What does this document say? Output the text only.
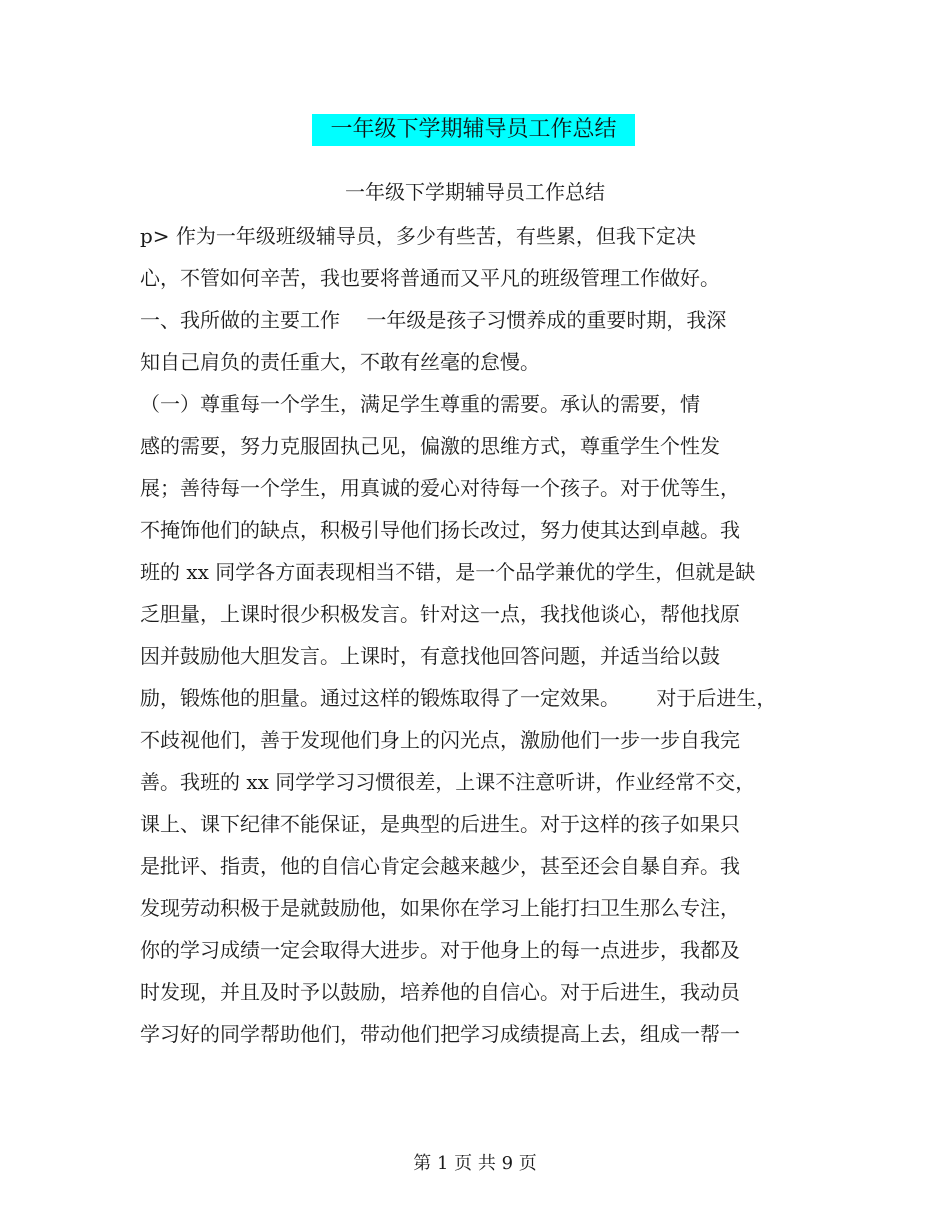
一年级下学期辅导员工作总结
一年级下学期辅导员工作总结
p> 作为一年级班级辅导员，多少有些苦，有些累，但我下定决
心，不管如何辛苦，我也要将普通而又平凡的班级管理工作做好。
一、我所做的主要工作　 一年级是孩子习惯养成的重要时期，我深
知自己肩负的责任重大，不敢有丝毫的怠慢。
（一）尊重每一个学生，满足学生尊重的需要。承认的需要，情
感的需要，努力克服固执己见，偏激的思维方式，尊重学生个性发
展；善待每一个学生，用真诚的爱心对待每一个孩子。对于优等生，
不掩饰他们的缺点，积极引导他们扬长改过，努力使其达到卓越。我
班的 xx 同学各方面表现相当不错，是一个品学兼优的学生，但就是缺
乏胆量，上课时很少积极发言。针对这一点，我找他谈心，帮他找原
因并鼓励他大胆发言。上课时，有意找他回答问题，并适当给以鼓
励，锻炼他的胆量。通过这样的锻炼取得了一定效果。　　 对于后进生，
不歧视他们，善于发现他们身上的闪光点，激励他们一步一步自我完
善。我班的 xx 同学学习习惯很差，上课不注意听讲，作业经常不交，
课上、课下纪律不能保证，是典型的后进生。对于这样的孩子如果只
是批评、指责，他的自信心肯定会越来越少，甚至还会自暴自弃。我
发现劳动积极于是就鼓励他，如果你在学习上能打扫卫生那么专注，
你的学习成绩一定会取得大进步。对于他身上的每一点进步，我都及
时发现，并且及时予以鼓励，培养他的自信心。对于后进生，我动员
学习好的同学帮助他们，带动他们把学习成绩提高上去，组成一帮一
第 1 页 共 9 页
